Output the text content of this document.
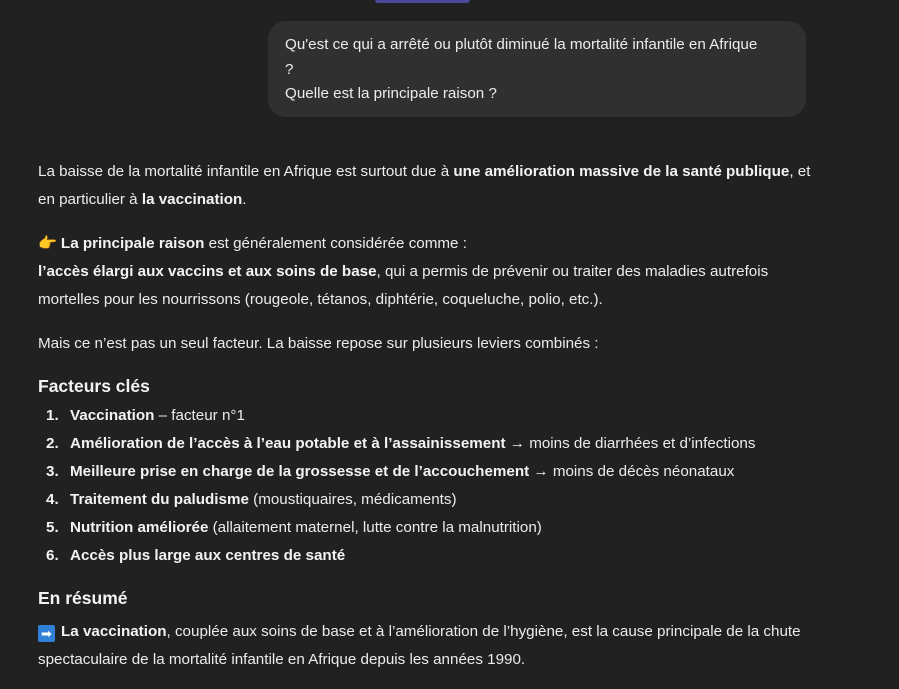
Qu'est ce qui a arrêté ou plutôt diminué la mortalité infantile en Afrique
?
Quelle est la principale raison ?

La baisse de la mortalité infantile en Afrique est surtout due à une amélioration massive de la santé publique, et en particulier à la vaccination.

👉 La principale raison est généralement considérée comme :
l’accès élargi aux vaccins et aux soins de base, qui a permis de prévenir ou traiter des maladies autrefois mortelles pour les nourrissons (rougeole, tétanos, diphtérie, coqueluche, polio, etc.).

Mais ce n’est pas un seul facteur. La baisse repose sur plusieurs leviers combinés :

Facteurs clés
1. Vaccination – facteur n°1
2. Amélioration de l’accès à l’eau potable et à l’assainissement → moins de diarrhées et d’infections
3. Meilleure prise en charge de la grossesse et de l’accouchement → moins de décès néonataux
4. Traitement du paludisme (moustiquaires, médicaments)
5. Nutrition améliorée (allaitement maternel, lutte contre la malnutrition)
6. Accès plus large aux centres de santé
En résumé

➡ La vaccination, couplée aux soins de base et à l’amélioration de l’hygiène, est la cause principale de la chute spectaculaire de la mortalité infantile en Afrique depuis les années 1990.
